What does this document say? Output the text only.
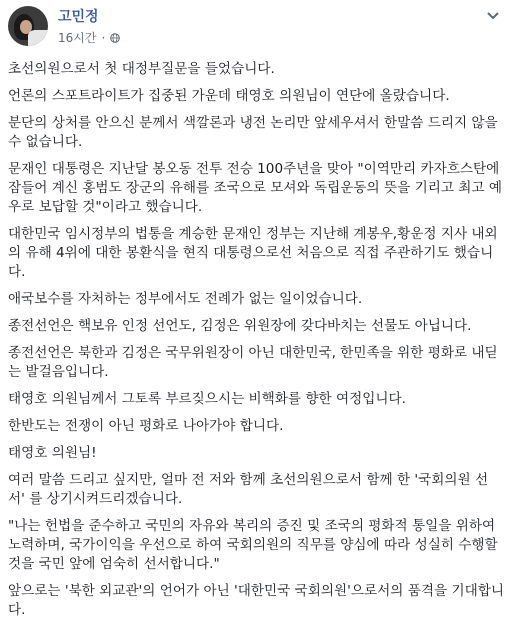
고민정
16시간 ·

초선의원으로서 첫 대정부질문을 들었습니다.

언론의 스포트라이트가 집중된 가운데 태영호 의원님이 연단에 올랐습니다.

분단의 상처를 안으신 분께서 색깔론과 냉전 논리만 앞세우셔서 한말씀 드리지 않을 수 없습니다.

문재인 대통령은 지난달 봉오동 전투 전승 100주년을 맞아 "이역만리 카자흐스탄에 잠들어 계신 홍범도 장군의 유해를 조국으로 모셔와 독립운동의 뜻을 기리고 최고 예우로 보답할 것"이라고 했습니다.

대한민국 임시정부의 법통을 계승한 문재인 정부는 지난해 계봉우,황운정 지사 내외의 유해 4위에 대한 봉환식을 현직 대통령으로선 처음으로 직접 주관하기도 했습니다.

애국보수를 자처하는 정부에서도 전례가 없는 일이었습니다.

종전선언은 핵보유 인정 선언도, 김정은 위원장에 갖다바치는 선물도 아닙니다.

종전선언은 북한과 김정은 국무위원장이 아닌 대한민국, 한민족을 위한 평화로 내딛는 발걸음입니다.

태영호 의원님께서 그토록 부르짖으시는 비핵화를 향한 여정입니다.

한반도는 전쟁이 아닌 평화로 나아가야 합니다.

태영호 의원님!

여러 말씀 드리고 싶지만, 얼마 전 저와 함께 초선의원으로서 함께 한 '국회의원 선서' 를 상기시켜드리겠습니다.

"나는 헌법을 준수하고 국민의 자유와 복리의 증진 및 조국의 평화적 통일을 위하여 노력하며, 국가이익을 우선으로 하여 국회의원의 직무를 양심에 따라 성실히 수행할 것을 국민 앞에 엄숙히 선서합니다."

앞으로는 '북한 외교관'의 언어가 아닌 '대한민국 국회의원'으로서의 품격을 기대합니다.
